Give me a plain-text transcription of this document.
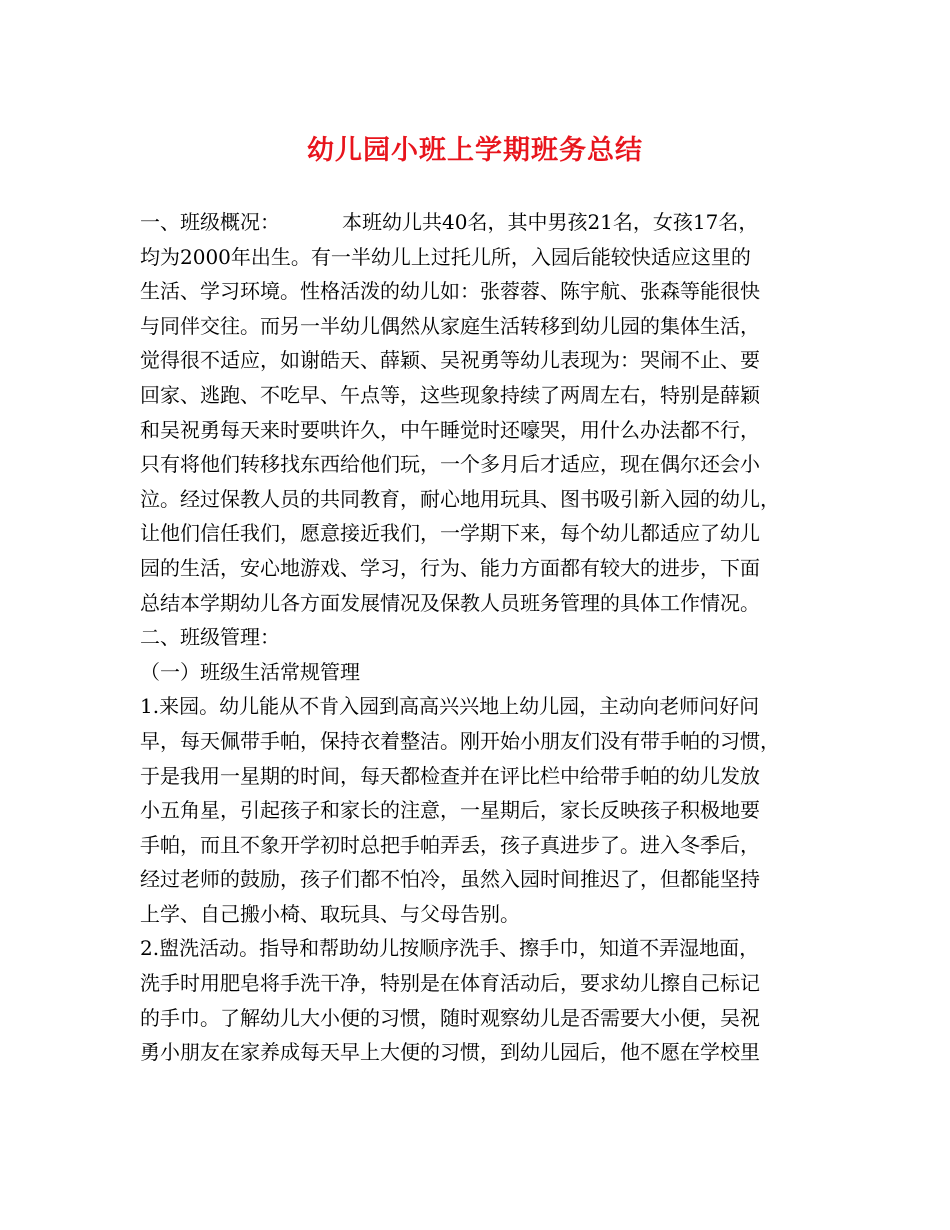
幼儿园小班上学期班务总结
一、班级概况：	本班幼儿共40名，其中男孩21名，女孩17名，
均为2000年出生。有一半幼儿上过托儿所，入园后能较快适应这里的
生活、学习环境。性格活泼的幼儿如：张蓉蓉、陈宇航、张森等能很快
与同伴交往。而另一半幼儿偶然从家庭生活转移到幼儿园的集体生活，
觉得很不适应，如谢皓天、薛颖、吴祝勇等幼儿表现为：哭闹不止、要
回家、逃跑、不吃早、午点等，这些现象持续了两周左右，特别是薛颖
和吴祝勇每天来时要哄许久，中午睡觉时还嚎哭，用什么办法都不行，
只有将他们转移找东西给他们玩，一个多月后才适应，现在偶尔还会小
泣。经过保教人员的共同教育，耐心地用玩具、图书吸引新入园的幼儿，
让他们信任我们，愿意接近我们，一学期下来，每个幼儿都适应了幼儿
园的生活，安心地游戏、学习，行为、能力方面都有较大的进步，下面
总结本学期幼儿各方面发展情况及保教人员班务管理的具体工作情况。
二、班级管理：
（一）班级生活常规管理
1.来园。幼儿能从不肯入园到高高兴兴地上幼儿园，主动向老师问好问
早，每天佩带手帕，保持衣着整洁。刚开始小朋友们没有带手帕的习惯，
于是我用一星期的时间，每天都检查并在评比栏中给带手帕的幼儿发放
小五角星，引起孩子和家长的注意，一星期后，家长反映孩子积极地要
手帕，而且不象开学初时总把手帕弄丢，孩子真进步了。进入冬季后，
经过老师的鼓励，孩子们都不怕冷，虽然入园时间推迟了，但都能坚持
上学、自己搬小椅、取玩具、与父母告别。
2.盥洗活动。指导和帮助幼儿按顺序洗手、擦手巾，知道不弄湿地面，
洗手时用肥皂将手洗干净，特别是在体育活动后，要求幼儿擦自己标记
的手巾。了解幼儿大小便的习惯，随时观察幼儿是否需要大小便，吴祝
勇小朋友在家养成每天早上大便的习惯，到幼儿园后，他不愿在学校里
